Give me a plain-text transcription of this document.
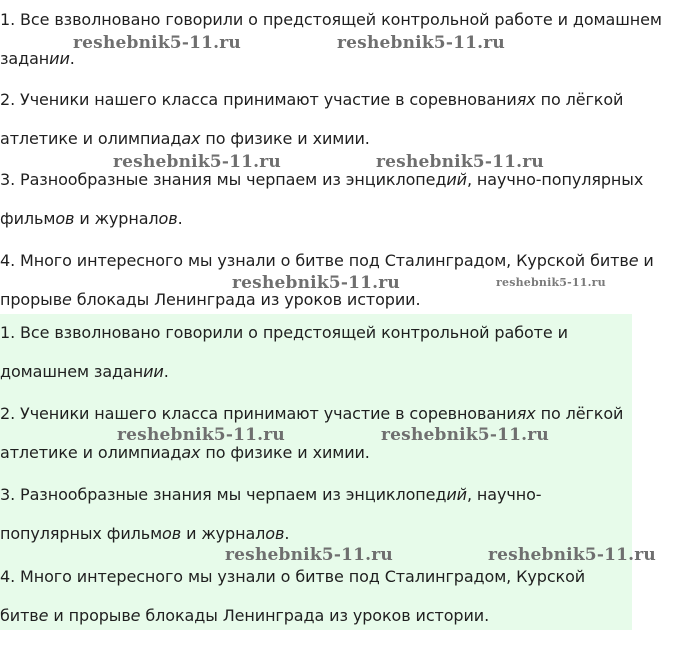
1. Все взволновано говорили о предстоящей контрольной работе и домашнем задании.

2. Ученики нашего класса принимают участие в соревнованиях по лёгкой атлетике и олимпиадах по физике и химии.

3. Разнообразные знания мы черпаем из энциклопедий, научно-популярных фильмов и журналов.

4. Много интересного мы узнали о битве под Сталинградом, Курской битве и прорыве блокады Ленинграда из уроков истории.

1. Все взволновано говорили о предстоящей контрольной работе и домашнем задании.

2. Ученики нашего класса принимают участие в соревнованиях по лёгкой атлетике и олимпиадах по физике и химии.

3. Разнообразные знания мы черпаем из энциклопедий, научно-популярных фильмов и журналов.

4. Много интересного мы узнали о битве под Сталинградом, Курской битве и прорыве блокады Ленинграда из уроков истории.

reshebnik5-11.ru	reshebnik5-11.ru
reshebnik5-11.ru	reshebnik5-11.ru
reshebnik5-11.ru	reshebnik5-11.ru
reshebnik5-11.ru	reshebnik5-11.ru
reshebnik5-11.ru	reshebnik5-11.ru
